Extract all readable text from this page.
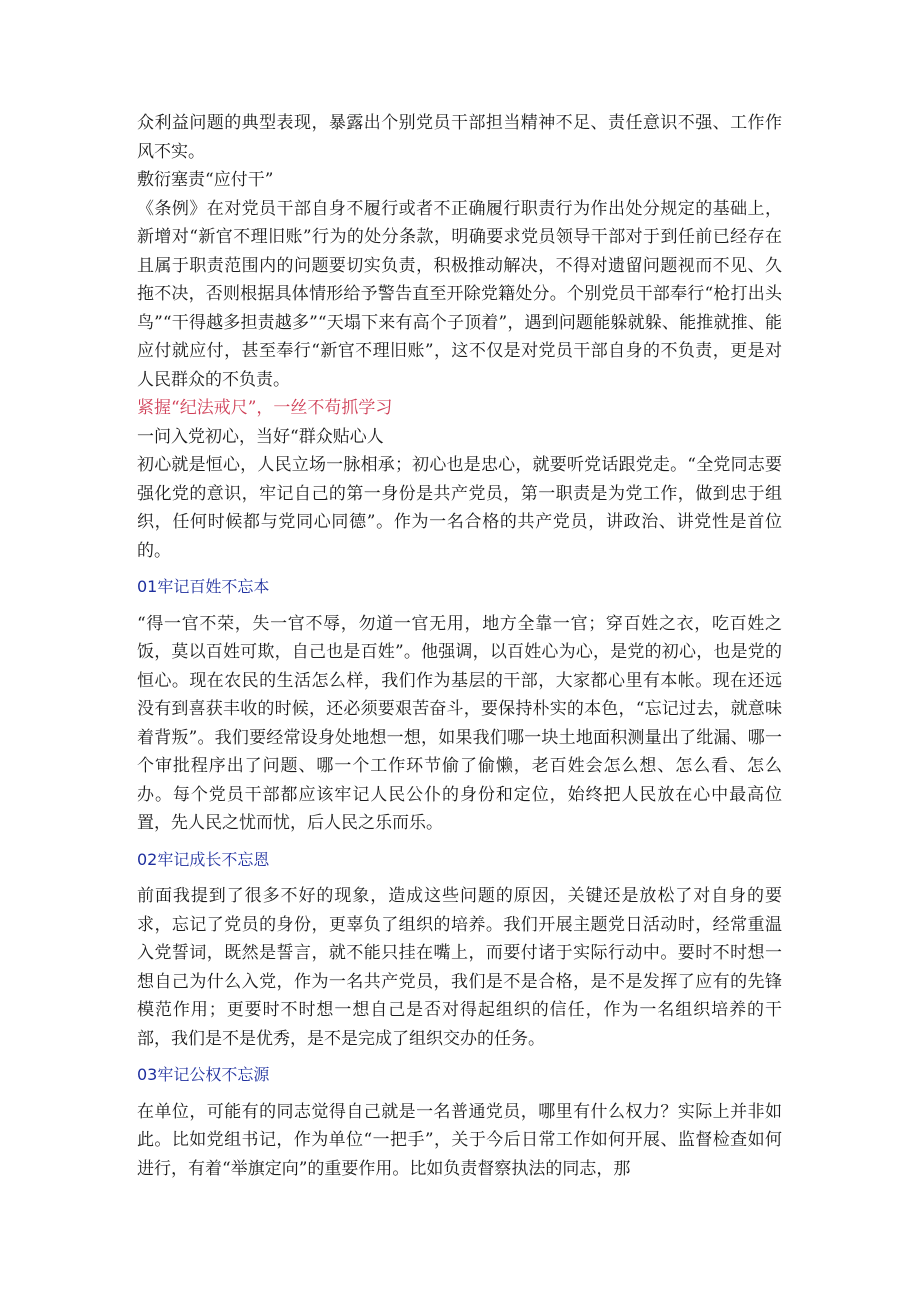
众利益问题的典型表现，暴露出个别党员干部担当精神不足、责任意识不强、工作作风不实。

敷衍塞责“应付干”

《条例》在对党员干部自身不履行或者不正确履行职责行为作出处分规定的基础上，新增对“新官不理旧账”行为的处分条款，明确要求党员领导干部对于到任前已经存在且属于职责范围内的问题要切实负责，积极推动解决，不得对遗留问题视而不见、久拖不决，否则根据具体情形给予警告直至开除党籍处分。个别党员干部奉行“枪打出头鸟”“干得越多担责越多”“天塌下来有高个子顶着”，遇到问题能躲就躲、能推就推、能应付就应付，甚至奉行“新官不理旧账”，这不仅是对党员干部自身的不负责，更是对人民群众的不负责。

紧握“纪法戒尺”，一丝不苟抓学习

一问入党初心，当好“群众贴心人

初心就是恒心，人民立场一脉相承；初心也是忠心，就要听党话跟党走。“全党同志要强化党的意识，牢记自己的第一身份是共产党员，第一职责是为党工作，做到忠于组织，任何时候都与党同心同德”。作为一名合格的共产党员，讲政治、讲党性是首位的。

01牢记百姓不忘本

“得一官不荣，失一官不辱，勿道一官无用，地方全靠一官；穿百姓之衣，吃百姓之饭，莫以百姓可欺，自己也是百姓”。他强调，以百姓心为心，是党的初心，也是党的恒心。现在农民的生活怎么样，我们作为基层的干部，大家都心里有本帐。现在还远没有到喜获丰收的时候，还必须要艰苦奋斗，要保持朴实的本色，“忘记过去，就意味着背叛”。我们要经常设身处地想一想，如果我们哪一块土地面积测量出了纰漏、哪一个审批程序出了问题、哪一个工作环节偷了偷懒，老百姓会怎么想、怎么看、怎么办。每个党员干部都应该牢记人民公仆的身份和定位，始终把人民放在心中最高位置，先人民之忧而忧，后人民之乐而乐。

02牢记成长不忘恩

前面我提到了很多不好的现象，造成这些问题的原因，关键还是放松了对自身的要求，忘记了党员的身份，更辜负了组织的培养。我们开展主题党日活动时，经常重温入党誓词，既然是誓言，就不能只挂在嘴上，而要付诸于实际行动中。要时不时想一想自己为什么入党，作为一名共产党员，我们是不是合格，是不是发挥了应有的先锋模范作用；更要时不时想一想自己是否对得起组织的信任，作为一名组织培养的干部，我们是不是优秀，是不是完成了组织交办的任务。

03牢记公权不忘源

在单位，可能有的同志觉得自己就是一名普通党员，哪里有什么权力？实际上并非如此。比如党组书记，作为单位“一把手”，关于今后日常工作如何开展、监督检查如何进行，有着“举旗定向”的重要作用。比如负责督察执法的同志，那
